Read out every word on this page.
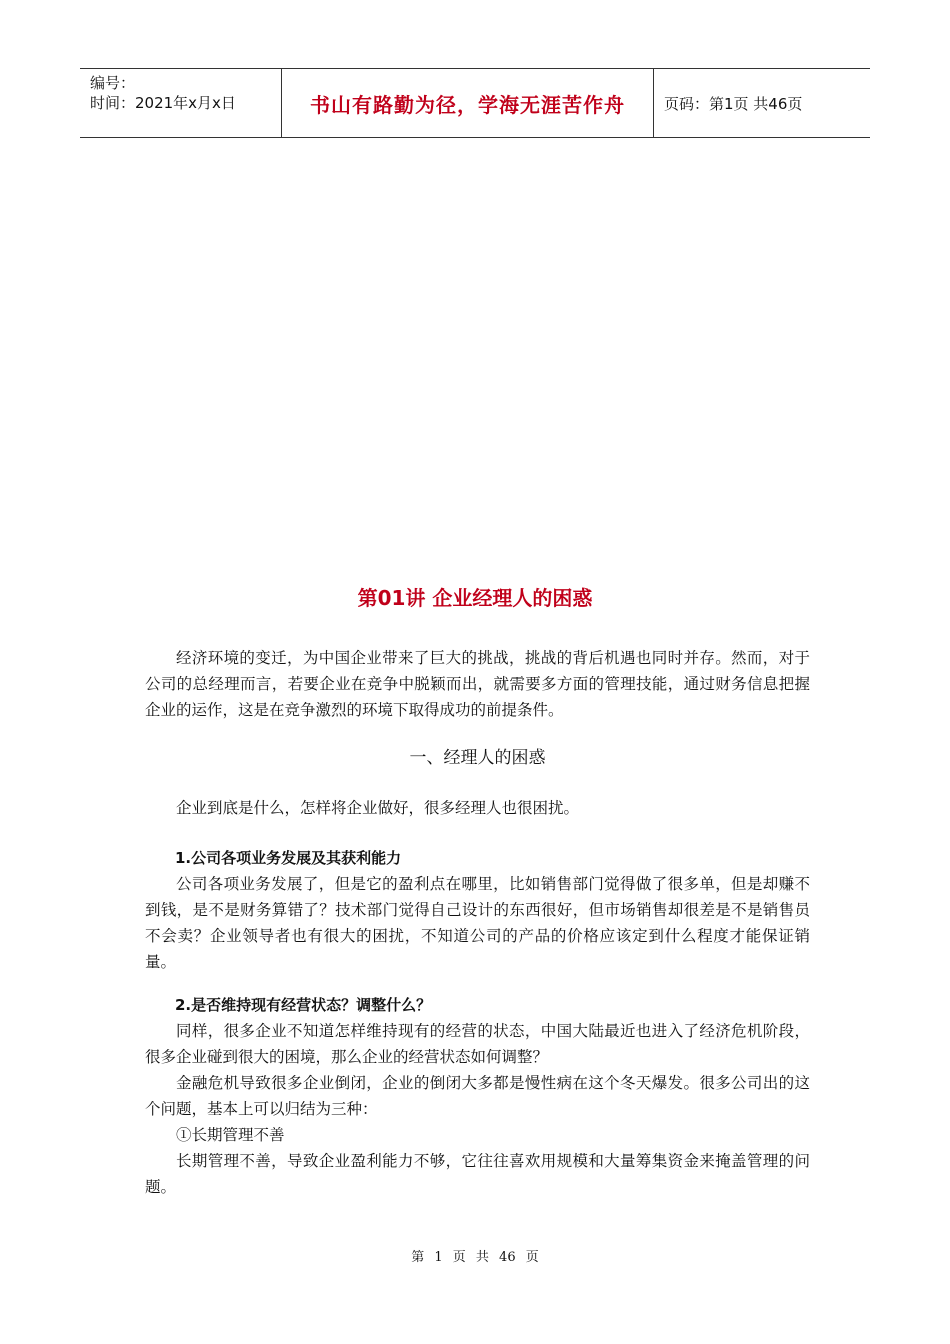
编号：
时间：2021年x月x日	书山有路勤为径，学海无涯苦作舟	页码：第1页 共46页
第01讲 企业经理人的困惑

经济环境的变迁，为中国企业带来了巨大的挑战，挑战的背后机遇也同时并存。然而，对于公司的总经理而言，若要企业在竞争中脱颖而出，就需要多方面的管理技能，通过财务信息把握企业的运作，这是在竞争激烈的环境下取得成功的前提条件。

一、经理人的困惑

企业到底是什么，怎样将企业做好，很多经理人也很困扰。

1.公司各项业务发展及其获利能力

公司各项业务发展了，但是它的盈利点在哪里，比如销售部门觉得做了很多单，但是却赚不到钱，是不是财务算错了？技术部门觉得自己设计的东西很好，但市场销售却很差是不是销售员不会卖？企业领导者也有很大的困扰，不知道公司的产品的价格应该定到什么程度才能保证销量。

2.是否维持现有经营状态？调整什么？

同样，很多企业不知道怎样维持现有的经营的状态，中国大陆最近也进入了经济危机阶段，很多企业碰到很大的困境，那么企业的经营状态如何调整？

金融危机导致很多企业倒闭，企业的倒闭大多都是慢性病在这个冬天爆发。很多公司出的这个问题，基本上可以归结为三种：

①长期管理不善

长期管理不善，导致企业盈利能力不够，它往往喜欢用规模和大量筹集资金来掩盖管理的问题。

第 1 页 共 46 页
